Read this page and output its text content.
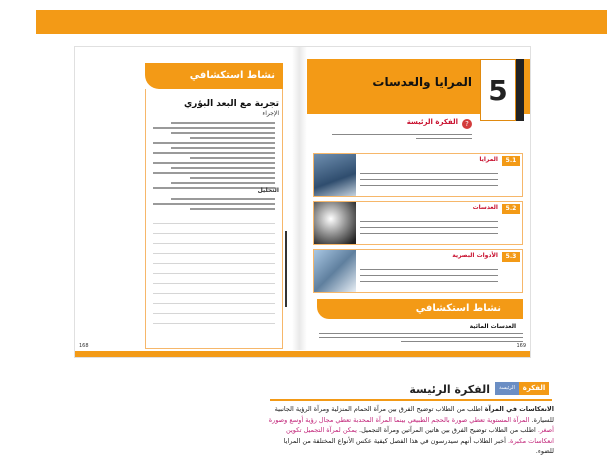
نشاط استكشافي
تجربة مع البعد البؤري
الإجراء
التحليل
168
5
المرايا والعدسات
?
الفكرة الرئيسة
5.1
المرايا
5.2
العدسات
5.3
الأدوات البصرية
نشاط استكشافي
العدسات المائية
169
الفكرة
الرئيسة
الفكرة الرئيسة
الانعكاسات في المرآة اطلب من الطلاب توضيح الفرق بين مرآة الحمام المنزلية ومرآة الرؤية الجانبية للسيارة. المرآة المستوية تعطي صورة بالحجم الطبيعي بينما المرآة المحدبة تعطي مجال رؤية أوسع وصورة أصغر. اطلب من الطلاب توضيح الفرق بين هاتين المرآتين ومرآة التجميل. يمكن لمرآة التجميل تكوين انعكاسات مكبرة. أخبر الطلاب أنهم سيدرسون في هذا الفصل كيفية عكس الأنواع المختلفة من المرايا للضوء.
